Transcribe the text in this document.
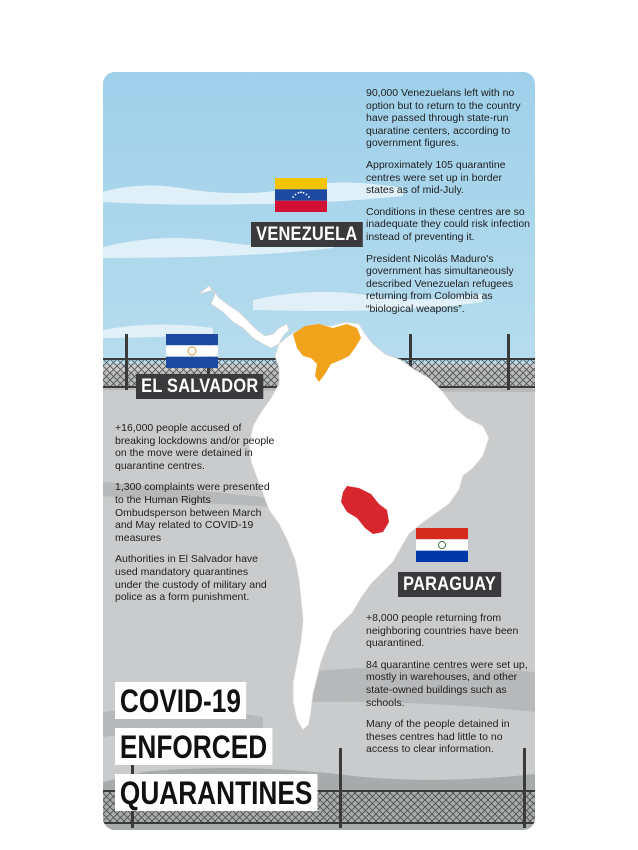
90,000 Venezuelans left with no option but to return to the country have passed through state-run quaratine centers, according to government figures.

Approximately 105 quarantine centres were set up in border states as of mid-July.

Conditions in these centres are so inadequate they could risk infection instead of preventing it.

President Nicolás Maduro's government has simultaneously described Venezuelan refugees returning from Colombia as “biological weapons”.

VENEZUELA
EL SALVADOR

+16,000 people accused of breaking lockdowns and/or people on the move were detained in quarantine centres.

1,300 complaints were presented to the Human Rights Ombudsperson between March and May related to COVID-19 measures

Authorities in El Salvador have used mandatory quarantines under the custody of military and police as a form punishment.

PARAGUAY

+8,000 people returning from neighboring countries have been quarantined.

84 quarantine centres were set up, mostly in warehouses, and other state-owned buildings such as schools.

Many of the people detained in theses centres had little to no access to clear information.

COVID-19
ENFORCED
QUARANTINES
